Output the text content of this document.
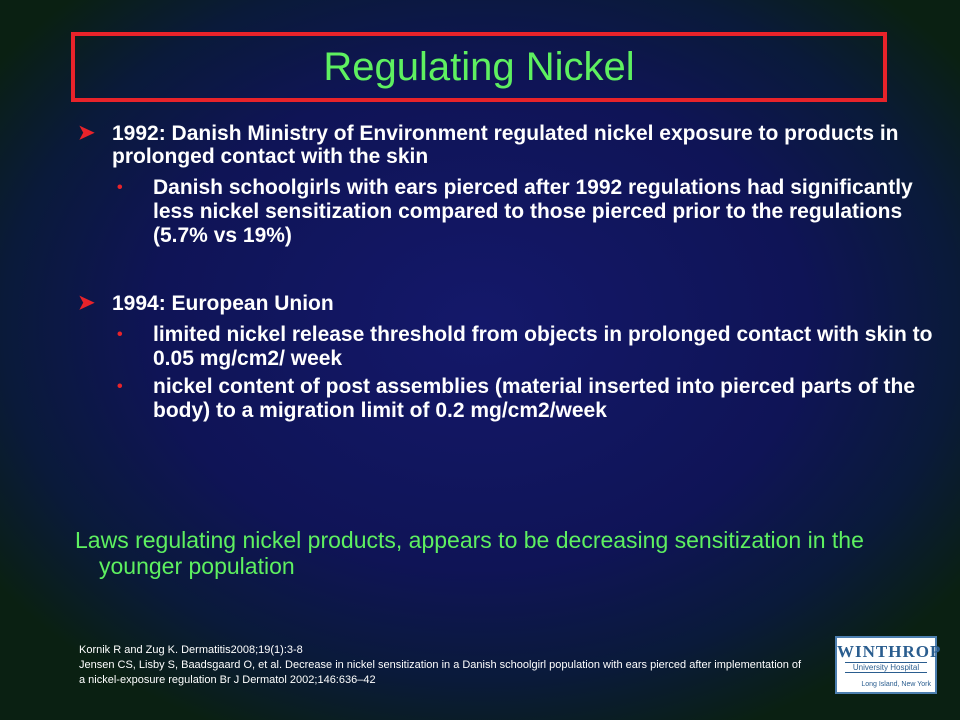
Regulating Nickel
➤ 1992: Danish Ministry of Environment regulated nickel exposure to products in prolonged contact with the skin
• Danish schoolgirls with ears pierced after 1992 regulations had significantly less nickel sensitization compared to those pierced prior to the regulations (5.7% vs 19%)
➤ 1994: European Union
• limited nickel release threshold from objects in prolonged contact with skin to 0.05 mg/cm2/ week
• nickel content of post assemblies (material inserted into pierced parts of the body) to a migration limit of 0.2 mg/cm2/week
Laws regulating nickel products, appears to be decreasing sensitization in the younger population
Kornik R and Zug K. Dermatitis2008;19(1):3-8
Jensen CS, Lisby S, Baadsgaard O, et al. Decrease in nickel sensitization in a Danish schoolgirl population with ears pierced after implementation of a nickel-exposure regulation Br J Dermatol 2002;146:636–42
WINTHROP
University Hospital
Long Island, New York
